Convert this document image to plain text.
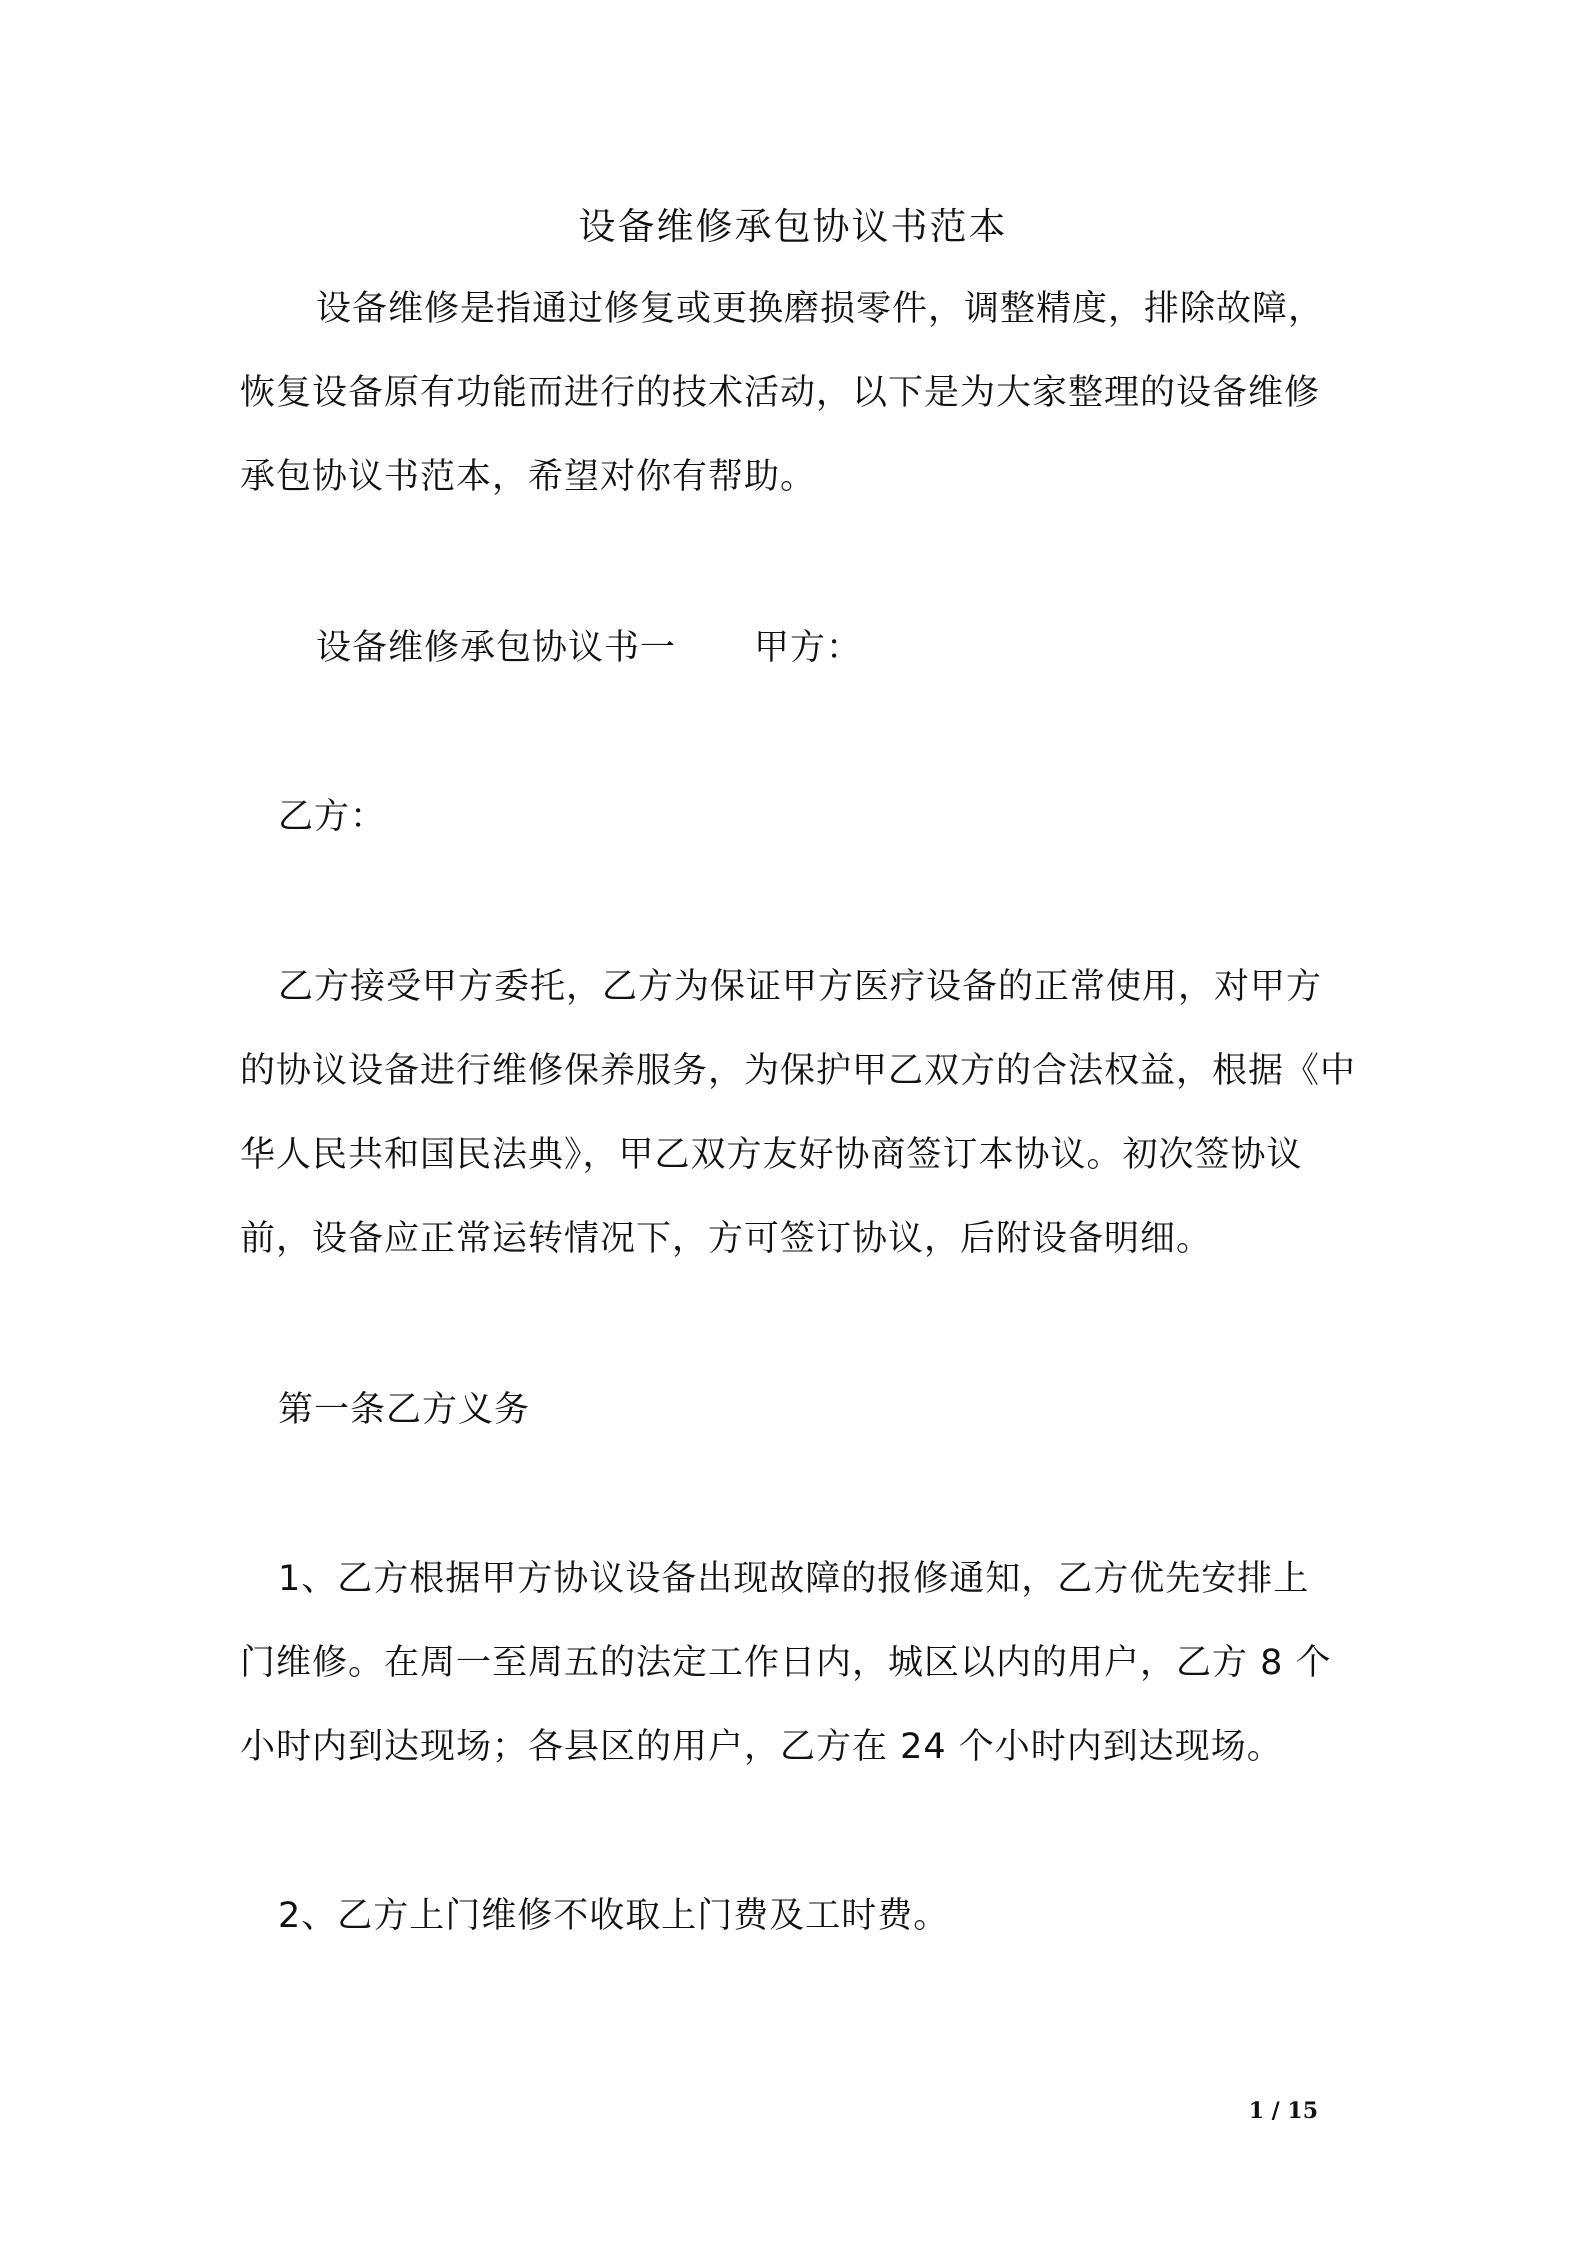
设备维修承包协议书范本
设备维修是指通过修复或更换磨损零件，调整精度，排除故障，
恢复设备原有功能而进行的技术活动，以下是为大家整理的设备维修
承包协议书范本，希望对你有帮助。
设备维修承包协议书一 甲方：
乙方：
乙方接受甲方委托，乙方为保证甲方医疗设备的正常使用，对甲方
的协议设备进行维修保养服务，为保护甲乙双方的合法权益，根据《中
华人民共和国民法典》，甲乙双方友好协商签订本协议。初次签协议
前，设备应正常运转情况下，方可签订协议，后附设备明细。
第一条乙方义务
1、乙方根据甲方协议设备出现故障的报修通知，乙方优先安排上
门维修。在周一至周五的法定工作日内，城区以内的用户，乙方 8 个
小时内到达现场；各县区的用户，乙方在 24 个小时内到达现场。
2、乙方上门维修不收取上门费及工时费。
1 / 15
